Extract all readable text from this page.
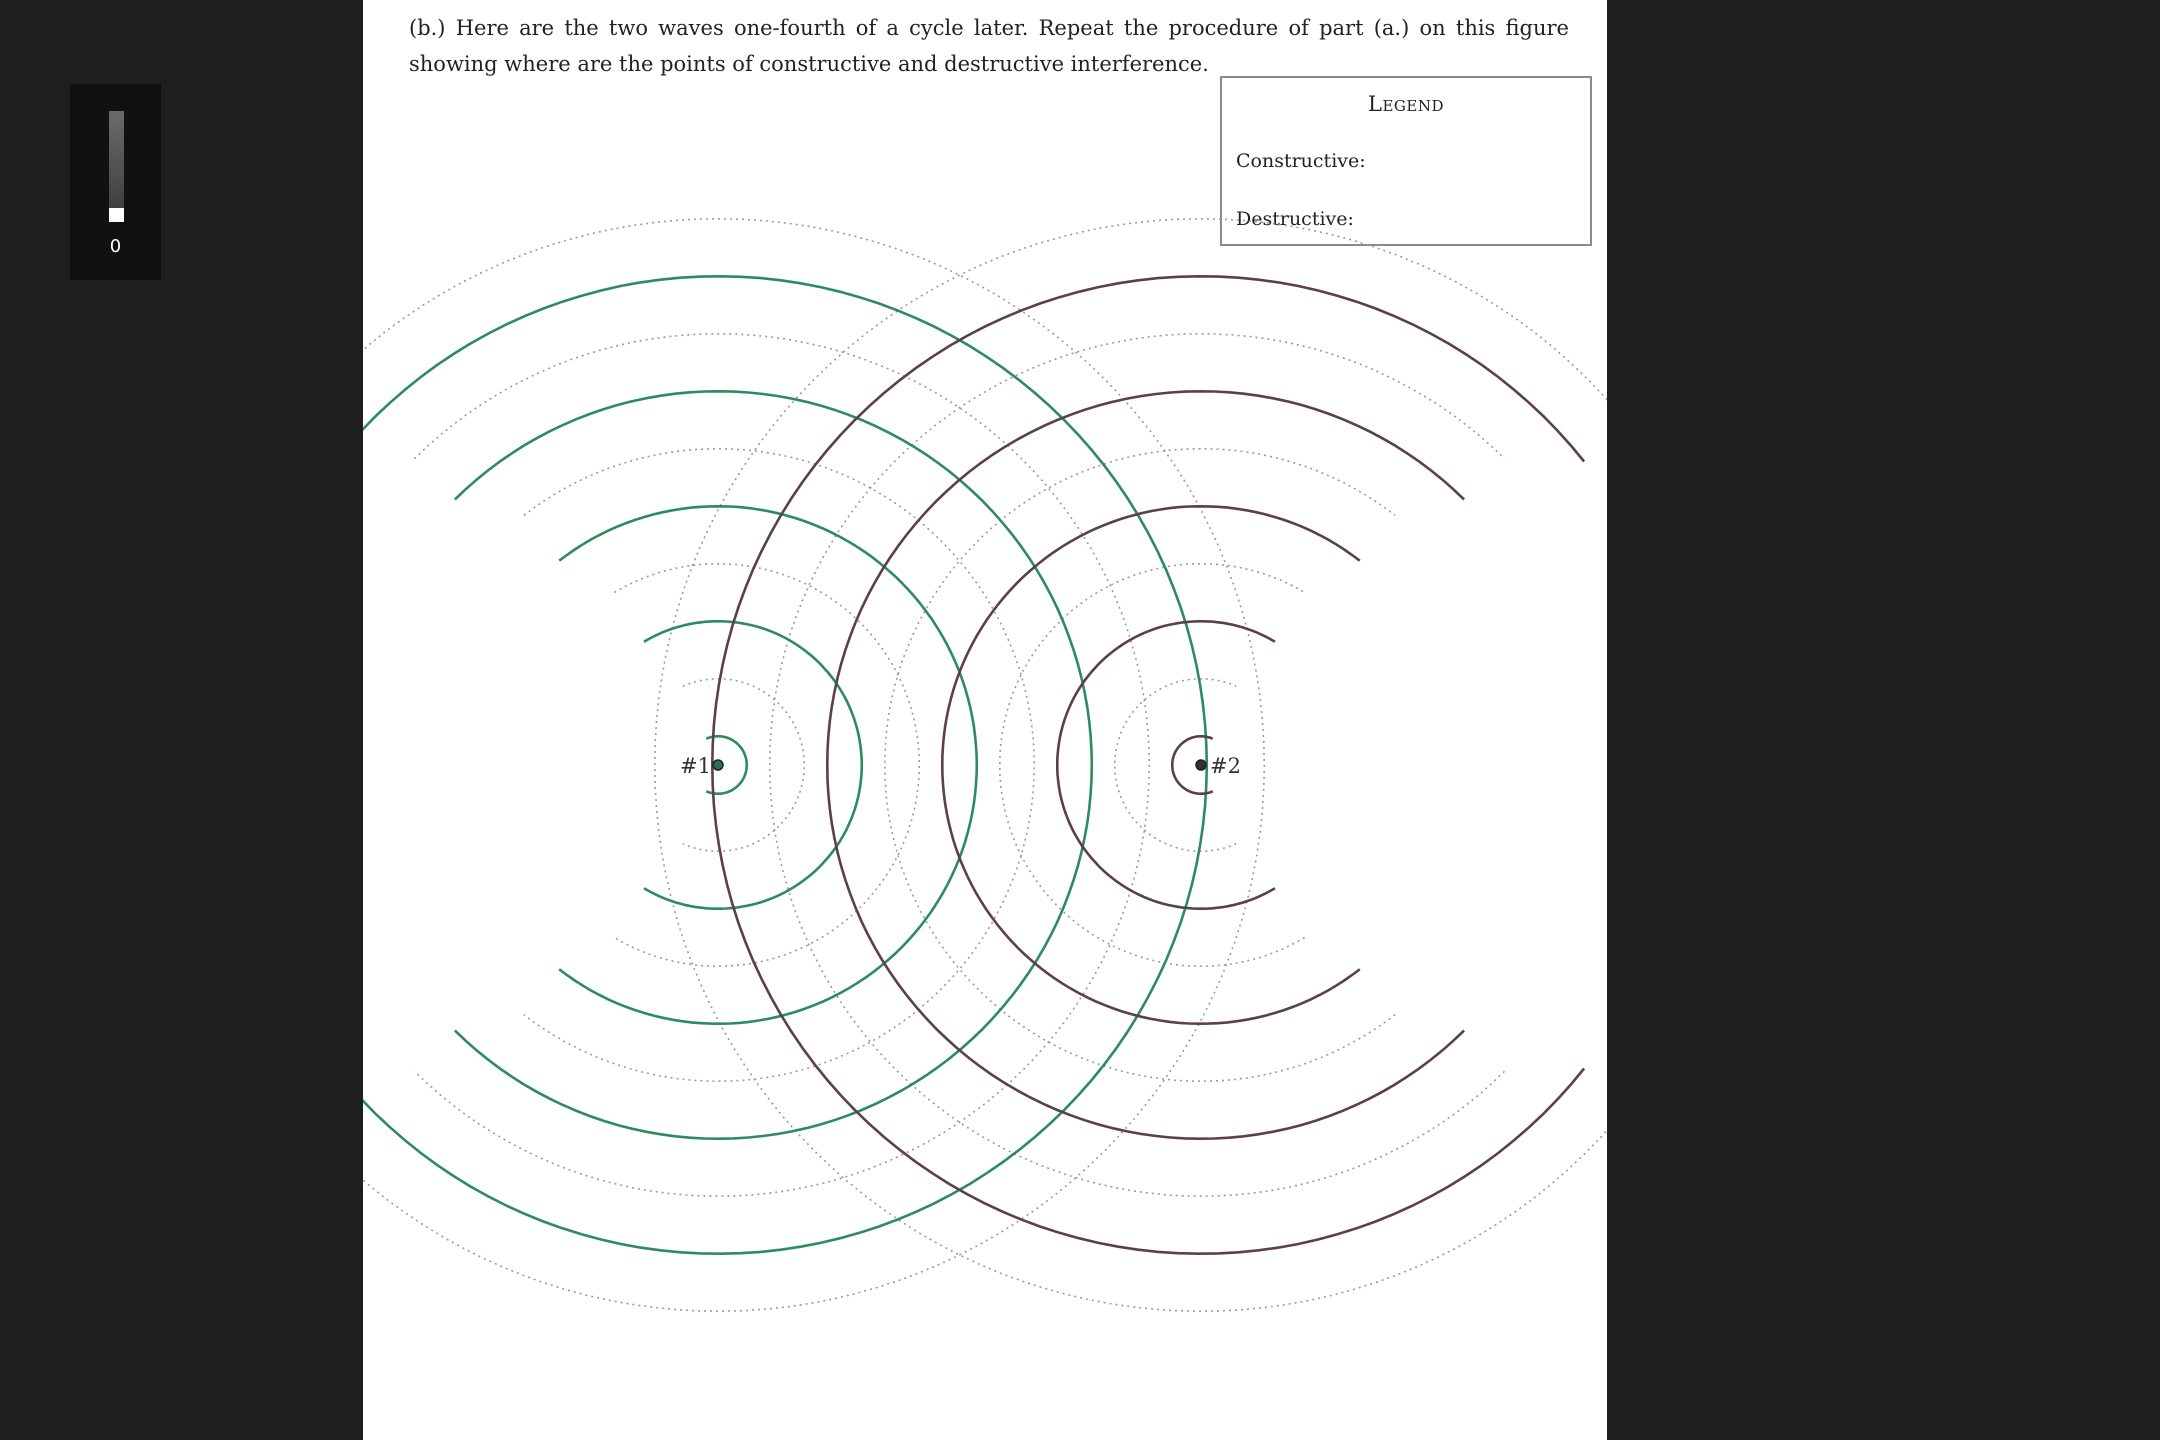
0

(b.) Here are the two waves one-fourth of a cycle later. Repeat the procedure of part (a.) on this figure showing where are the points of constructive and destructive interference.

Legend
Constructive:
Destructive:
#1	#2
